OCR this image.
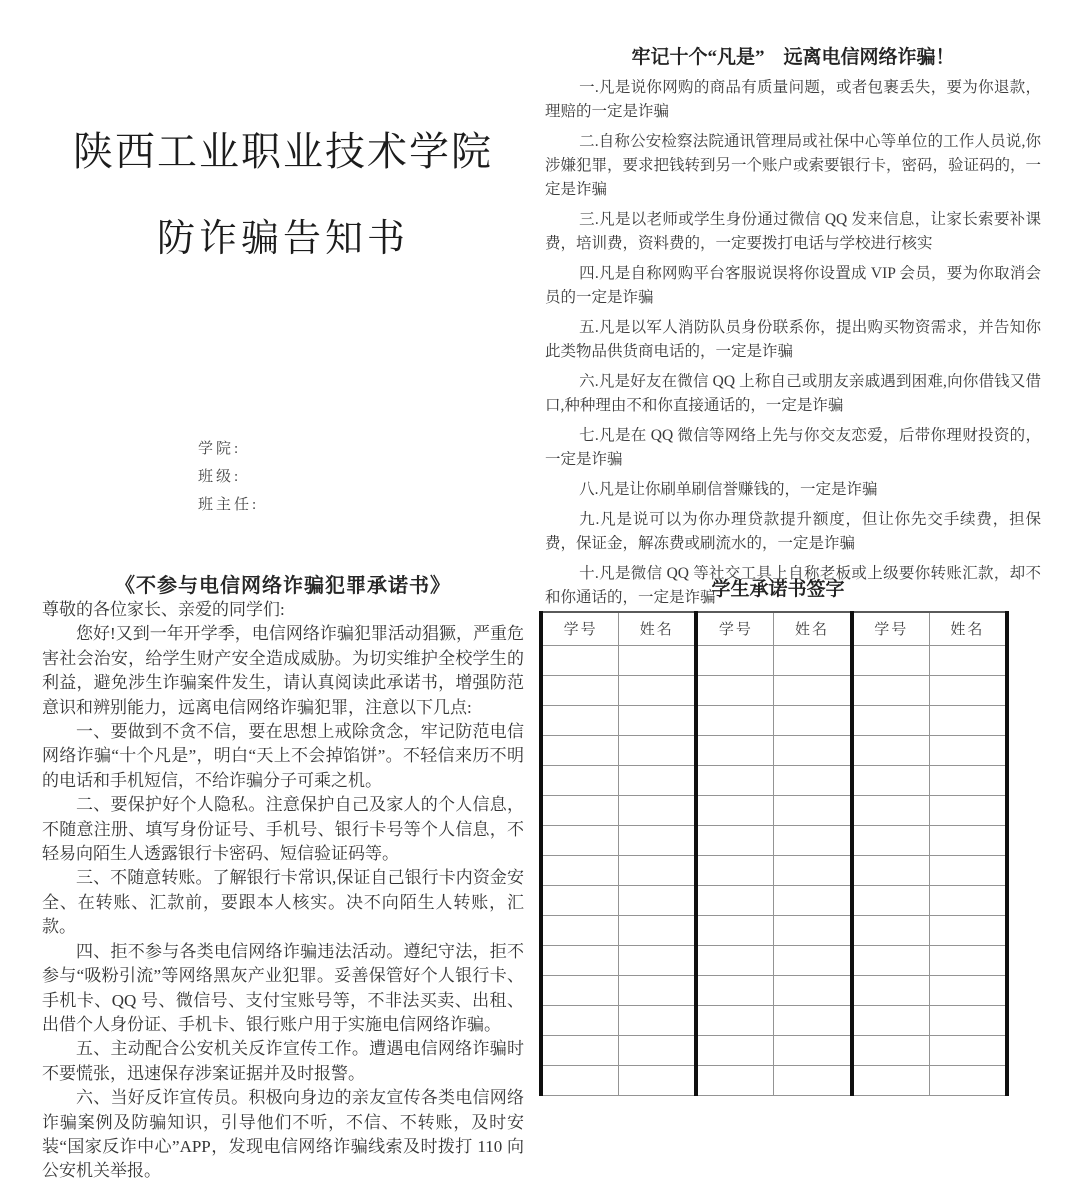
陕西工业职业技术学院
防诈骗告知书
学院:
班级:
班主任:
《不参与电信网络诈骗犯罪承诺书》

尊敬的各位家长、亲爱的同学们:

您好!又到一年开学季，电信网络诈骗犯罪活动猖獗，严重危害社会治安，给学生财产安全造成威胁。为切实维护全校学生的利益，避免涉生诈骗案件发生，请认真阅读此承诺书，增强防范意识和辨别能力，远离电信网络诈骗犯罪，注意以下几点:

一、要做到不贪不信，要在思想上戒除贪念，牢记防范电信网络诈骗“十个凡是”，明白“天上不会掉馅饼”。不轻信来历不明的电话和手机短信，不给诈骗分子可乘之机。

二、要保护好个人隐私。注意保护自己及家人的个人信息，不随意注册、填写身份证号、手机号、银行卡号等个人信息，不轻易向陌生人透露银行卡密码、短信验证码等。

三、不随意转账。了解银行卡常识,保证自己银行卡内资金安全、在转账、汇款前，要跟本人核实。决不向陌生人转账，汇款。

四、拒不参与各类电信网络诈骗违法活动。遵纪守法，拒不参与“吸粉引流”等网络黑灰产业犯罪。妥善保管好个人银行卡、手机卡、QQ 号、微信号、支付宝账号等，不非法买卖、出租、出借个人身份证、手机卡、银行账户用于实施电信网络诈骗。

五、主动配合公安机关反诈宣传工作。遭遇电信网络诈骗时不要慌张，迅速保存涉案证据并及时报警。

六、当好反诈宣传员。积极向身边的亲友宣传各类电信网络诈骗案例及防骗知识，引导他们不听，不信、不转账，及时安装“国家反诈中心”APP，发现电信网络诈骗线索及时拨打 110 向公安机关举报。

牢记十个“凡是”　远离电信网络诈骗！

一.凡是说你网购的商品有质量问题，或者包裹丢失，要为你退款，理赔的一定是诈骗

二.自称公安检察法院通讯管理局或社保中心等单位的工作人员说,你涉嫌犯罪，要求把钱转到另一个账户或索要银行卡，密码，验证码的，一定是诈骗

三.凡是以老师或学生身份通过微信 QQ 发来信息，让家长索要补课费，培训费，资料费的，一定要拨打电话与学校进行核实

四.凡是自称网购平台客服说误将你设置成 VIP 会员，要为你取消会员的一定是诈骗

五.凡是以军人消防队员身份联系你，提出购买物资需求，并告知你此类物品供货商电话的，一定是诈骗

六.凡是好友在微信 QQ 上称自己或朋友亲戚遇到困难,向你借钱又借口,种种理由不和你直接通话的，一定是诈骗

七.凡是在 QQ 微信等网络上先与你交友恋爱，后带你理财投资的，一定是诈骗

八.凡是让你刷单刷信誉赚钱的，一定是诈骗

九.凡是说可以为你办理贷款提升额度，但让你先交手续费，担保费，保证金，解冻费或刷流水的，一定是诈骗

十.凡是微信 QQ 等社交工具上自称老板或上级要你转账汇款，却不和你通话的，一定是诈骗

学生承诺书签字
学号	姓名	学号	姓名	学号	姓名
